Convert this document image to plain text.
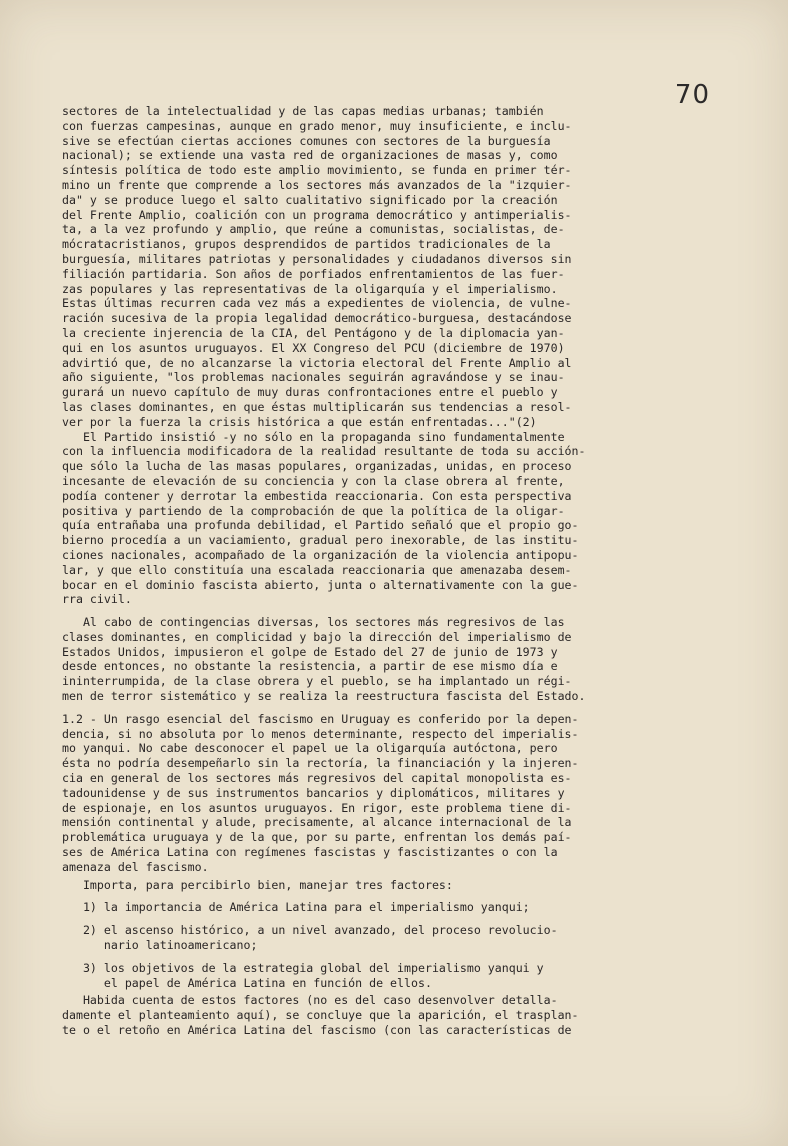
70
sectores de la intelectualidad y de las capas medias urbanas; también
con fuerzas campesinas, aunque en grado menor, muy insuficiente, e inclu-
sive se efectúan ciertas acciones comunes con sectores de la burguesía
nacional); se extiende una vasta red de organizaciones de masas y, como
síntesis política de todo este amplio movimiento, se funda en primer tér-
mino un frente que comprende a los sectores más avanzados de la "izquier-
da" y se produce luego el salto cualitativo significado por la creación
del Frente Amplio, coalición con un programa democrático y antimperialis-
ta, a la vez profundo y amplio, que reúne a comunistas, socialistas, de-
mócratacristianos, grupos desprendidos de partidos tradicionales de la
burguesía, militares patriotas y personalidades y ciudadanos diversos sin
filiación partidaria. Son años de porfiados enfrentamientos de las fuer-
zas populares y las representativas de la oligarquía y el imperialismo.
Estas últimas recurren cada vez más a expedientes de violencia, de vulne-
ración sucesiva de la propia legalidad democrático-burguesa, destacándose
la creciente injerencia de la CIA, del Pentágono y de la diplomacia yan-
qui en los asuntos uruguayos. El XX Congreso del PCU (diciembre de 1970)
advirtió que, de no alcanzarse la victoria electoral del Frente Amplio al
año siguiente, "los problemas nacionales seguirán agravándose y se inau-
gurará un nuevo capítulo de muy duras confrontaciones entre el pueblo y
las clases dominantes, en que éstas multiplicarán sus tendencias a resol-
ver por la fuerza la crisis histórica a que están enfrentadas..."(2)
El Partido insistió -y no sólo en la propaganda sino fundamentalmente
con la influencia modificadora de la realidad resultante de toda su acción-
que sólo la lucha de las masas populares, organizadas, unidas, en proceso
incesante de elevación de su conciencia y con la clase obrera al frente,
podía contener y derrotar la embestida reaccionaria. Con esta perspectiva
positiva y partiendo de la comprobación de que la política de la oligar-
quía entrañaba una profunda debilidad, el Partido señaló que el propio go-
bierno procedía a un vaciamiento, gradual pero inexorable, de las institu-
ciones nacionales, acompañado de la organización de la violencia antipopu-
lar, y que ello constituía una escalada reaccionaria que amenazaba desem-
bocar en el dominio fascista abierto, junta o alternativamente con la gue-
rra civil.
Al cabo de contingencias diversas, los sectores más regresivos de las
clases dominantes, en complicidad y bajo la dirección del imperialismo de
Estados Unidos, impusieron el golpe de Estado del 27 de junio de 1973 y
desde entonces, no obstante la resistencia, a partir de ese mismo día e
ininterrumpida, de la clase obrera y el pueblo, se ha implantado un régi-
men de terror sistemático y se realiza la reestructura fascista del Estado.
1.2 - Un rasgo esencial del fascismo en Uruguay es conferido por la depen-
dencia, si no absoluta por lo menos determinante, respecto del imperialis-
mo yanqui. No cabe desconocer el papel ue la oligarquía autóctona, pero
ésta no podría desempeñarlo sin la rectoría, la financiación y la injeren-
cia en general de los sectores más regresivos del capital monopolista es-
tadounidense y de sus instrumentos bancarios y diplomáticos, militares y
de espionaje, en los asuntos uruguayos. En rigor, este problema tiene di-
mensión continental y alude, precisamente, al alcance internacional de la
problemática uruguaya y de la que, por su parte, enfrentan los demás paí-
ses de América Latina con regímenes fascistas y fascistizantes o con la
amenaza del fascismo.
Importa, para percibirlo bien, manejar tres factores:
1) la importancia de América Latina para el imperialismo yanqui;
2) el ascenso histórico, a un nivel avanzado, del proceso revolucio-
nario latinoamericano;
3) los objetivos de la estrategia global del imperialismo yanqui y
el papel de América Latina en función de ellos.
Habida cuenta de estos factores (no es del caso desenvolver detalla-
damente el planteamiento aquí), se concluye que la aparición, el trasplan-
te o el retoño en América Latina del fascismo (con las características de
